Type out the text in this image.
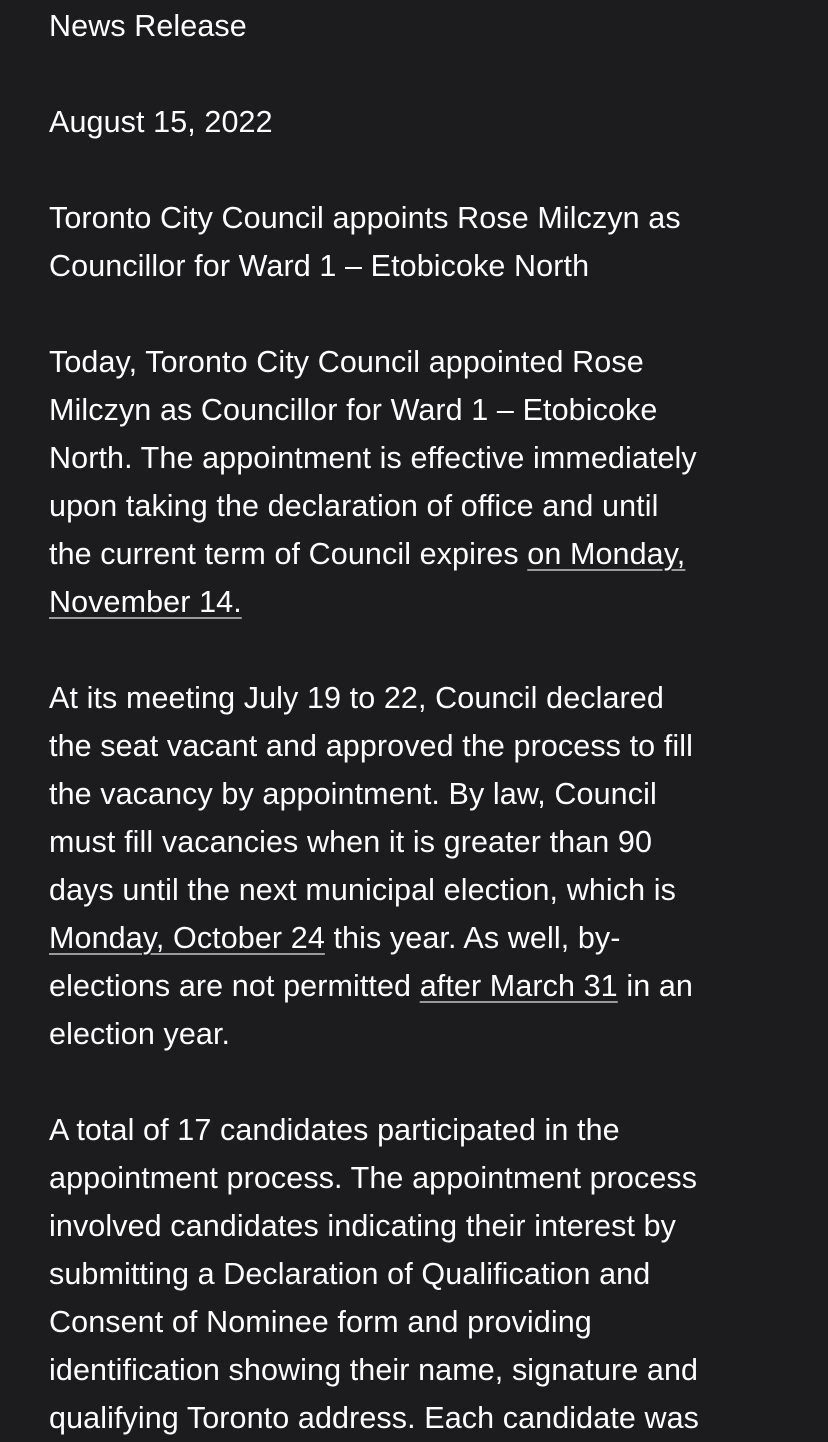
News Release
August 15, 2022
Toronto City Council appoints Rose Milczyn as
Councillor for Ward 1 – Etobicoke North
Today, Toronto City Council appointed Rose
Milczyn as Councillor for Ward 1 – Etobicoke
North. The appointment is effective immediately
upon taking the declaration of office and until
the current term of Council expires on Monday,
November 14.
At its meeting July 19 to 22, Council declared
the seat vacant and approved the process to fill
the vacancy by appointment. By law, Council
must fill vacancies when it is greater than 90
days until the next municipal election, which is
Monday, October 24 this year. As well, by-
elections are not permitted after March 31 in an
election year.
A total of 17 candidates participated in the
appointment process. The appointment process
involved candidates indicating their interest by
submitting a Declaration of Qualification and
Consent of Nominee form and providing
identification showing their name, signature and
qualifying Toronto address. Each candidate was
